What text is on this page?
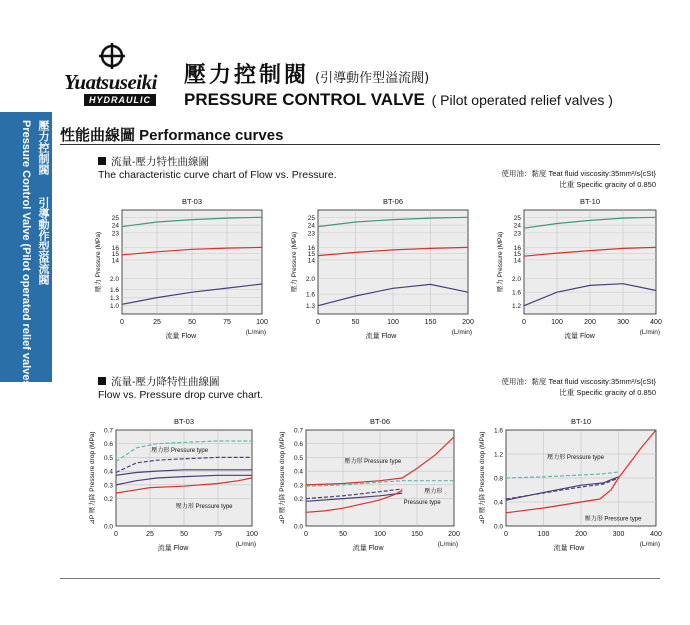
Yuatsuseiki
HYDRAULIC
壓力控制閥 (引導動作型溢流閥)
PRESSURE CONTROL VALVE ( Pilot operated relief valves )
壓力控制閥
Pressure Control Valve (Pilot operated relief valves) 引導動作型溢流閥
性能曲線圖 Performance curves
流量-壓力特性曲線圖
The characteristic curve chart of Flow vs. Pressure.	使用油：黏度 Teat fluid viscosity:35mm²/s{cSt}
比重 Specific gracity of 0.850
流量-壓力降特性曲線圖
Flow vs. Pressure drop curve chart.
使用油：黏度 Teat fluid viscosity:35mm²/s{cSt}
比重 Specific gracity of 0.850
BT-03
0	25	50	75	100
流量 Flow
(L/min)
壓力 Pressure (MPa)
25
24
23
16
15
14
2.0
1.6
1.3
1.0
BT-06
0	50	100	150	200
流量 Flow
(L/min)
壓力 Pressure (MPa)
25
24
23
16
15
14
2.0
1.6
1.3
BT-10
0	100	200	300	400
流量 Flow
(L/min)
壓力 Pressure (MPa)
25
24
23
16
15
14
2.0
1.6
1.2
BT-03
0	25	50	75	100
流量 Flow
(L/min)
⊿P 壓力降 Pressure drop (MPa)
0.7
0.6
0.5
0.4
0.3
0.2
0.0
壓力形 Pressure type
壓力形 Pressure type
BT-06
0	50	100	150	200
流量 Flow
(L/min)
⊿P 壓力降 Pressure drop (MPa)
0.7
0.6
0.5
0.4
0.3
0.2
0.0
壓力形 Pressure type
壓力形
Pressure type
BT-10
0	100	200	300	400
流量 Flow
(L/min)
⊿P 壓力降 Pressure drop (MPa)
1.6
1.2
0.8
0.4
0.0
壓力形 Pressure type
壓力形 Pressure type
